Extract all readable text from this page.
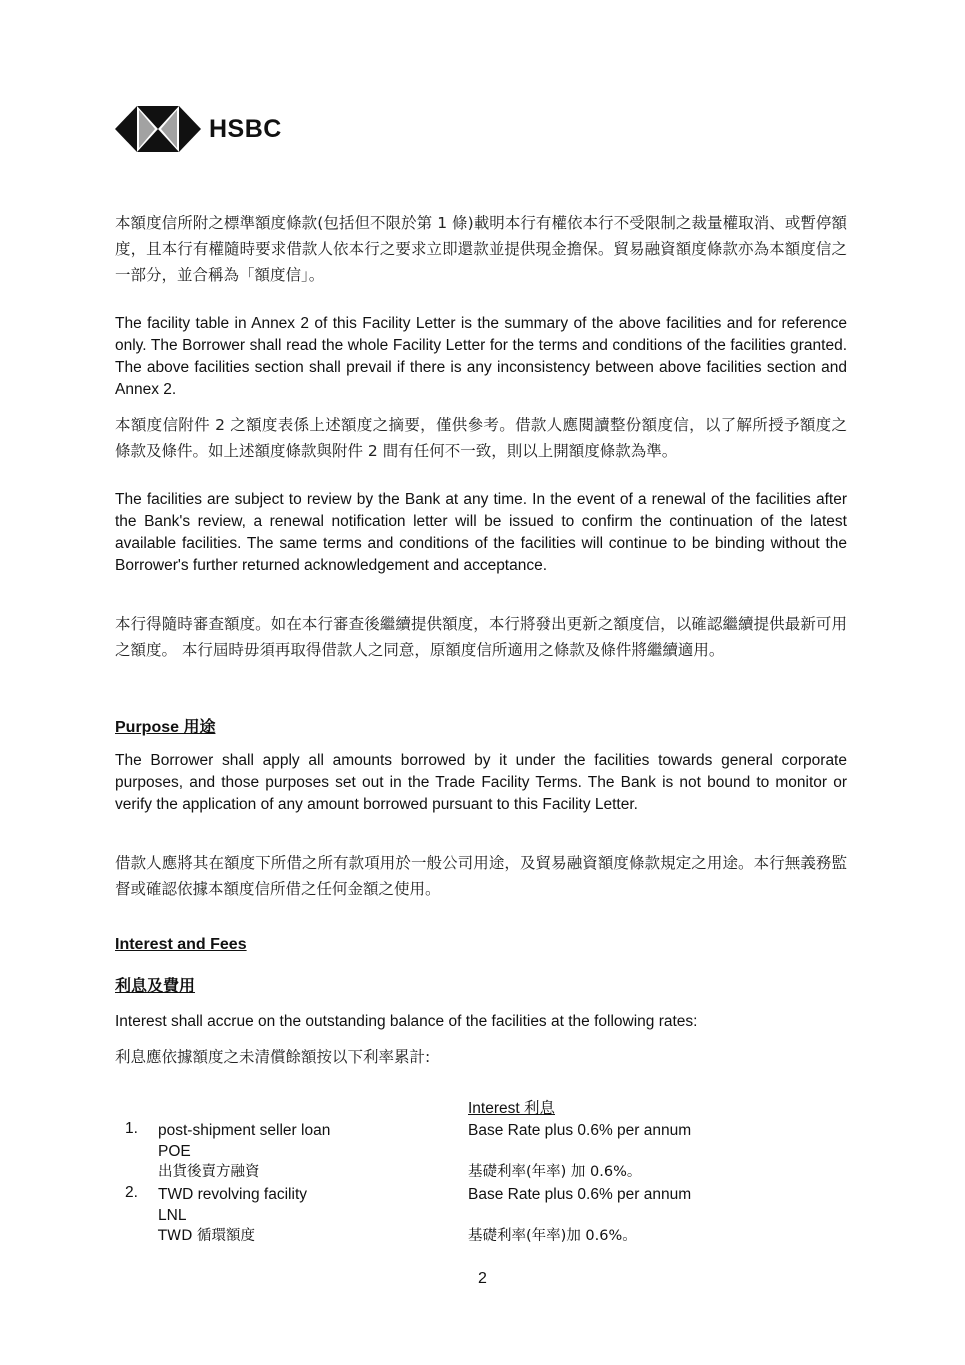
HSBC

本額度信所附之標準額度條款(包括但不限於第 1 條)載明本行有權依本行不受限制之裁量權取消、或暫停額度，且本行有權隨時要求借款人依本行之要求立即還款並提供現金擔保。貿易融資額度條款亦為本額度信之一部分，並合稱為「額度信」。

The facility table in Annex 2 of this Facility Letter is the summary of the above facilities and for reference only. The Borrower shall read the whole Facility Letter for the terms and conditions of the facilities granted. The above facilities section shall prevail if there is any inconsistency between above facilities section and Annex 2.

本額度信附件 2 之額度表係上述額度之摘要，僅供參考。借款人應閱讀整份額度信，以了解所授予額度之條款及條件。如上述額度條款與附件 2 間有任何不一致，則以上開額度條款為準。

The facilities are subject to review by the Bank at any time. In the event of a renewal of the facilities after the Bank's review, a renewal notification letter will be issued to confirm the continuation of the latest available facilities. The same terms and conditions of the facilities will continue to be binding without the Borrower's further returned acknowledgement and acceptance.

本行得隨時審查額度。如在本行審查後繼續提供額度，本行將發出更新之額度信，以確認繼續提供最新可用之額度。 本行屆時毋須再取得借款人之同意，原額度信所適用之條款及條件將繼續適用。

Purpose 用途

The Borrower shall apply all amounts borrowed by it under the facilities towards general corporate purposes, and those purposes set out in the Trade Facility Terms. The Bank is not bound to monitor or verify the application of any amount borrowed pursuant to this Facility Letter.

借款人應將其在額度下所借之所有款項用於一般公司用途，及貿易融資額度條款規定之用途。本行無義務監督或確認依據本額度信所借之任何金額之使用。

Interest and Fees

利息及費用

Interest shall accrue on the outstanding balance of the facilities at the following rates:

利息應依據額度之未清償餘額按以下利率累計:

Interest 利息
1. post-shipment seller loan
POE
出貨後賣方融資
Base Rate plus 0.6% per annum
基礎利率(年率) 加 0.6%。
2. TWD revolving facility
LNL
TWD 循環額度
Base Rate plus 0.6% per annum
基礎利率(年率)加 0.6%。
2
